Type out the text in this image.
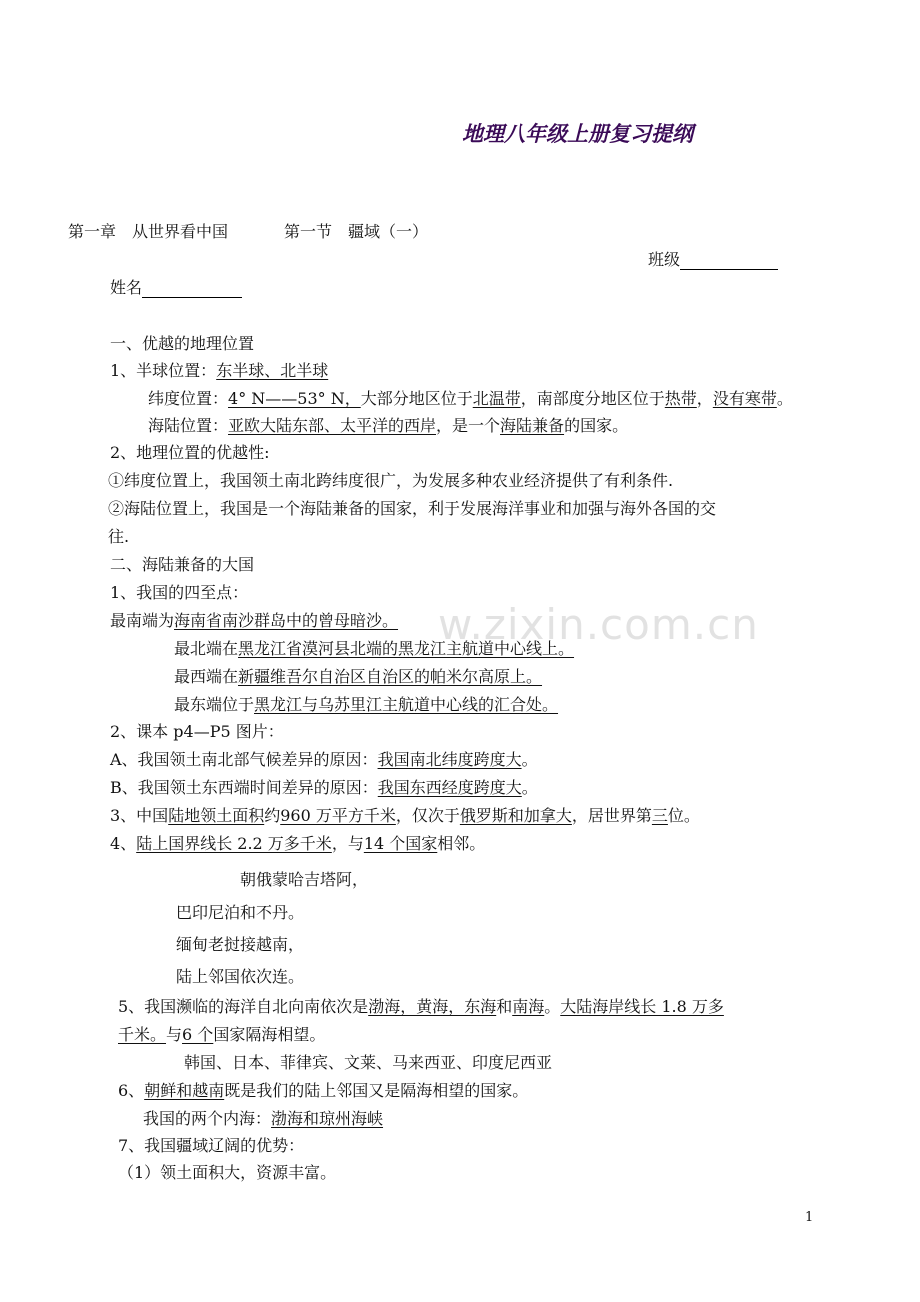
w.zixin.com.cn
地理八年级上册复习提纲
第一章　从世界看中国	第一节　疆域（一）
班级
姓名
一、优越的地理位置
1、半球位置：东半球、北半球
纬度位置：4° N——53° N，大部分地区位于北温带，南部度分地区位于热带，没有寒带。
海陆位置：亚欧大陆东部、太平洋的西岸，是一个海陆兼备的国家。
2、地理位置的优越性:
①纬度位置上，我国领土南北跨纬度很广，为发展多种农业经济提供了有利条件.
②海陆位置上，我国是一个海陆兼备的国家，利于发展海洋事业和加强与海外各国的交
往.
二、海陆兼备的大国
1、我国的四至点：
最南端为海南省南沙群岛中的曾母暗沙。
最北端在黑龙江省漠河县北端的黑龙江主航道中心线上。
最西端在新疆维吾尔自治区自治区的帕米尔高原上。
最东端位于黑龙江与乌苏里江主航道中心线的汇合处。
2、课本 p4—P5 图片：
A、我国领土南北部气候差异的原因：我国南北纬度跨度大。
B、我国领土东西端时间差异的原因：我国东西经度跨度大。
3、中国陆地领土面积约960 万平方千米，仅次于俄罗斯和加拿大，居世界第三位。
4、陆上国界线长 2.2 万多千米，与14 个国家相邻。
朝俄蒙哈吉塔阿，
巴印尼泊和不丹。
缅甸老挝接越南，
陆上邻国依次连。
5、我国濒临的海洋自北向南依次是渤海，黄海，东海和南海。大陆海岸线长 1.8 万多
千米。与6 个国家隔海相望。
韩国、日本、菲律宾、文莱、马来西亚、印度尼西亚
6、朝鲜和越南既是我们的陆上邻国又是隔海相望的国家。
我国的两个内海：渤海和琼州海峡
7、我国疆域辽阔的优势：
（1）领土面积大，资源丰富。
1
